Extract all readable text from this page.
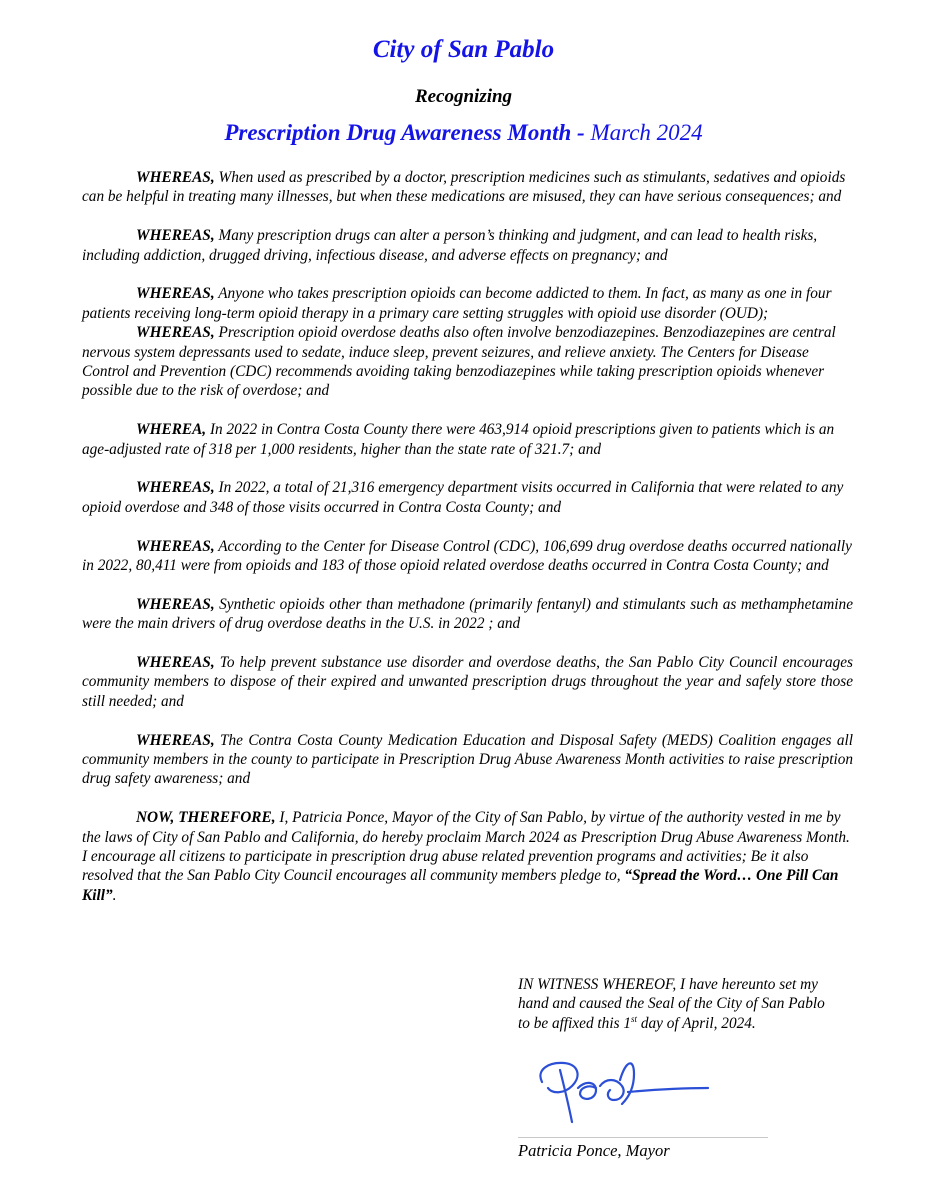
City of San Pablo
Recognizing
Prescription Drug Awareness Month - March 2024

WHEREAS, When used as prescribed by a doctor, prescription medicines such as stimulants, sedatives and opioids can be helpful in treating many illnesses, but when these medications are misused, they can have serious consequences; and

WHEREAS, Many prescription drugs can alter a person’s thinking and judgment, and can lead to health risks, including addiction, drugged driving, infectious disease, and adverse effects on pregnancy; and

WHEREAS, Anyone who takes prescription opioids can become addicted to them. In fact, as many as one in four patients receiving long-term opioid therapy in a primary care setting struggles with opioid use disorder (OUD);

WHEREAS, Prescription opioid overdose deaths also often involve benzodiazepines. Benzodiazepines are central nervous system depressants used to sedate, induce sleep, prevent seizures, and relieve anxiety. The Centers for Disease Control and Prevention (CDC) recommends avoiding taking benzodiazepines while taking prescription opioids whenever possible due to the risk of overdose; and

WHEREA, In 2022 in Contra Costa County there were 463,914 opioid prescriptions given to patients which is an age-adjusted rate of 318 per 1,000 residents, higher than the state rate of 321.7; and

WHEREAS, In 2022, a total of 21,316 emergency department visits occurred in California that were related to any opioid overdose and 348 of those visits occurred in Contra Costa County; and

WHEREAS, According to the Center for Disease Control (CDC), 106,699 drug overdose deaths occurred nationally in 2022, 80,411 were from opioids and 183 of those opioid related overdose deaths occurred in Contra Costa County; and

WHEREAS, Synthetic opioids other than methadone (primarily fentanyl) and stimulants such as methamphetamine were the main drivers of drug overdose deaths in the U.S. in 2022 ; and

WHEREAS, To help prevent substance use disorder and overdose deaths, the San Pablo City Council encourages community members to dispose of their expired and unwanted prescription drugs throughout the year and safely store those still needed; and

WHEREAS, The Contra Costa County Medication Education and Disposal Safety (MEDS) Coalition engages all community members in the county to participate in Prescription Drug Abuse Awareness Month activities to raise prescription drug safety awareness; and

NOW, THEREFORE, I, Patricia Ponce, Mayor of the City of San Pablo, by virtue of the authority vested in me by the laws of City of San Pablo and California, do hereby proclaim March 2024 as Prescription Drug Abuse Awareness Month. I encourage all citizens to participate in prescription drug abuse related prevention programs and activities; Be it also resolved that the San Pablo City Council encourages all community members pledge to, “Spread the Word… One Pill Can Kill”.

IN WITNESS WHEREOF, I have hereunto set my

hand and caused the Seal of the City of San Pablo

to be affixed this 1st day of April, 2024.

Patricia Ponce, Mayor
